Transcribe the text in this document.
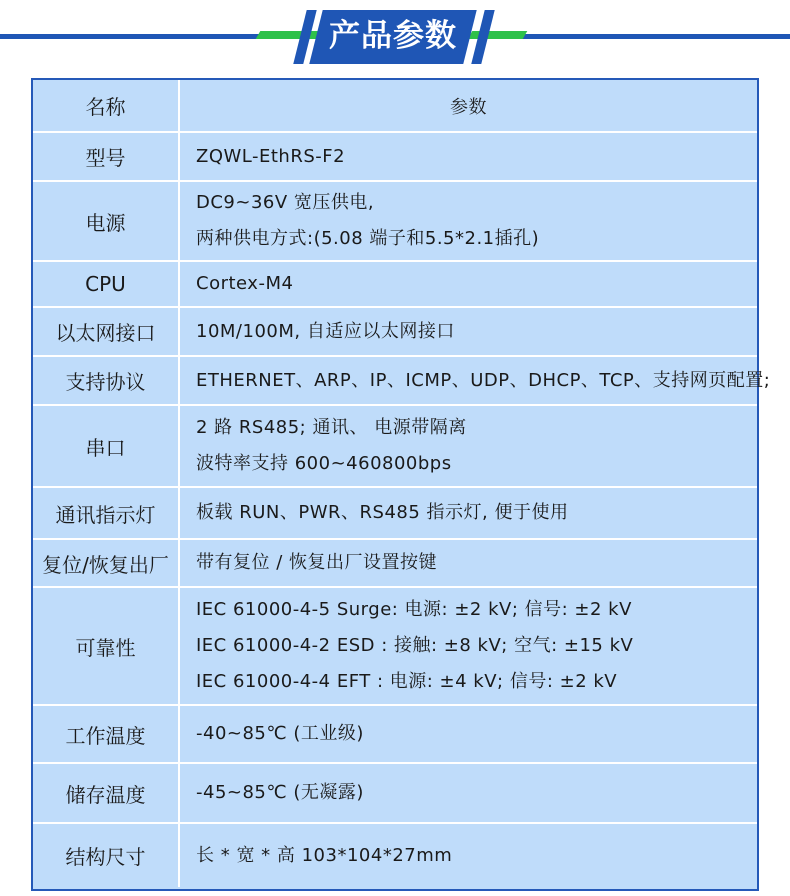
产品参数
名称	参数
型号	ZQWL-EthRS-F2

电源	DC9~36V 宽压供电,
两种供电方式:(5.08 端子和5.5*2.1插孔)

CPU	Cortex-M4

以太网接口	10M/100M, 自适应以太网接口

支持协议	ETHERNET、ARP、IP、ICMP、UDP、DHCP、TCP、支持网页配置;

串口	2 路 RS485; 通讯、 电源带隔离
波特率支持 600~460800bps

通讯指示灯	板载 RUN、PWR、RS485 指示灯, 便于使用

复位/恢复出厂	带有复位 / 恢复出厂设置按键

可靠性	IEC 61000-4-5 Surge: 电源: ±2 kV; 信号: ±2 kV
IEC 61000-4-2 ESD : 接触: ±8 kV; 空气: ±15 kV
IEC 61000-4-4 EFT : 电源: ±4 kV; 信号: ±2 kV

工作温度	-40~85℃ (工业级)

储存温度	-45~85℃ (无凝露)

结构尺寸	长 * 宽 * 高 103*104*27mm
